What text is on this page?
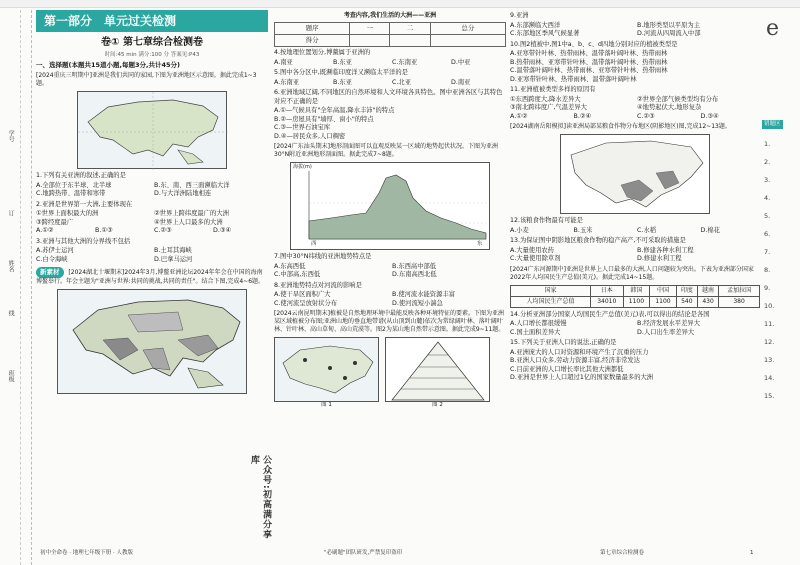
学号
订
姓名
线
班级
第一部分 单元过关检测
卷① 第七章综合检测卷
时间:45 min 满分:100 分 答案见:P43
一、选择题(本题共15道小题,每题3分,共计45分)
[2024重庆三明期中]亚洲是我们共同的家园,下图为亚洲地区示意图。据此完成1~3题。
1.下列有关亚洲的叙述,正确的是
A.全部位于东半球、北半球	B.东、南、西三面濒临大洋
C.地跨热带、温带和寒带	D.与大洋洲陆地相连
2.亚洲是世界第一大洲,主要体现在
①世界上面积最大的洲	②世界上跨纬度最广的大洲
③跨经度最广	④世界上人口最多的大洲
A.①②	B.①③	C.②③	D.③④
3.亚洲与其他大洲的分界线不包括
A.苏伊士运河	B.土耳其海峡
C.白令海峡	D.巴拿马运河
新素材 [2024湖北十堰期末]2024年3月,博鳌亚洲论坛2024年年会在中国的海南博鳌举行。年会主题为"亚洲与世界:共同的挑战,共同的责任"。结合下图,完成4~6题。
初中全命卷 · 地理七年级下册 · 人教版
考查内容,我们生活的大洲——亚洲
题序	一	二	总分
得分			
4.按地理位置划分,博鳌属于亚洲的
A.南亚	B.东亚	C.东南亚	D.中亚
5.图中各分区中,既濒临印度洋又濒临太平洋的是
A.东南亚	B.东亚	C.北亚	D.南亚
6.亚洲地域辽阔,不同地区的自然环境和人文环境各具特色。图中亚洲各区与其特色对应不正确的是
A.①—气候具有"全年高温,降水丰沛"的特点
B.②—房屋具有"墙厚、窗小"的特点
C.③—世界石油宝库
D.④—居民众多,人口稠密
[2024广东汕头期末]地形剖面图可以直观反映某一区域的地势起伏状况。下图为亚洲30°N附近亚洲地形剖面图。据此完成7~8题。
海拔(m)
西	东
7.图中30°N纬线的亚洲地势特点是
A.东高西低	B.东西高中部低
C.中部高,东西低	D.东南高西北低
8.亚洲地势特点对河流的影响是
A.使干旱区面积广大	B.使河流水能资源丰富
C.使河流呈放射状分布	D.使河流短小湍急
[2024云南昆明期末]植被是自然地理环境中最能反映各种环境特征的要素。下图为亚洲某区域植被分布图;亚洲山地的垂直地带谱(从山顶到山麓)依次为常绿阔叶林、落叶阔叶林、针叶林、高山草甸、高山荒漠等。图2为某山地自然带示意图。据此完成9~11题。
图 1	图 2
"必刷题"团队研发,严禁复印盗印
公众号:初高满分享库
9.亚洲
A.东部濒临大西洋	B.地形类型以平原为主
C.东部地区季风气候显著	D.河流从四周流入中部
10.图2植被中,图1中a、b、c、d四地分别对应的植被类型是
A.亚寒带针叶林、热带雨林、温带落叶阔叶林、热带雨林
B.热带雨林、亚寒带针叶林、温带落叶阔叶林、热带雨林
C.温带落叶阔叶林、热带雨林、亚寒带针叶林、热带雨林
D.亚寒带针叶林、热带雨林、温带落叶阔叶林
11.亚洲植被类型多样的原因有
①东西跨度大,降水差异大	②世界全部气候类型均有分布
③南北跨纬度广,气温差异大	④地势起伏大,地形复杂
A.①②	B.②④	C.②③	D.③④
[2024湖南岳阳模拟]读亚洲局部某粮食作物分布地区(阴影地区)图,完成12~13题。
12.该粮食作物最有可能是
A.小麦	B.玉米	C.水稻	D.棉花
13.为保证图中阴影地区粮食作物的稳产高产,不可采取的措施是
A.大量使用农药	B.修建各种水利工程
C.大量使用除草剂	D.修建水利工程
[2024广东河源期中]亚洲是世界上人口最多的大洲,人口问题较为突出。下表为亚洲部分国家2022年人均国民生产总值(美元)。据此完成14~15题。
国家	日本	韩国	中国	印度	越南	孟加拉国
人均国民生产总值	34010	1100	1100	540	430	380
14.分析亚洲部分国家人均国民生产总值(美元)表,可以得出的结论是各国
A.人口增长都很缓慢	B.经济发展水平差异大
C.国土面积差异大	D.人口出生率差异大
15.下列关于亚洲人口的说法,正确的是
A.亚洲庞大的人口对资源和环境产生了沉重的压力
B.亚洲人口众多,劳动力资源丰富,经济非常发达
C.目前亚洲的人口增长率比其他大洲都低
D.亚洲是世界上人口超过1亿的国家数量最多的大洲
第七章综合检测卷	1
e
错题区
1.
2.
3.
4.
5.
6.
7.
8.
9.
10.
11.
12.
13.
14.
15.
